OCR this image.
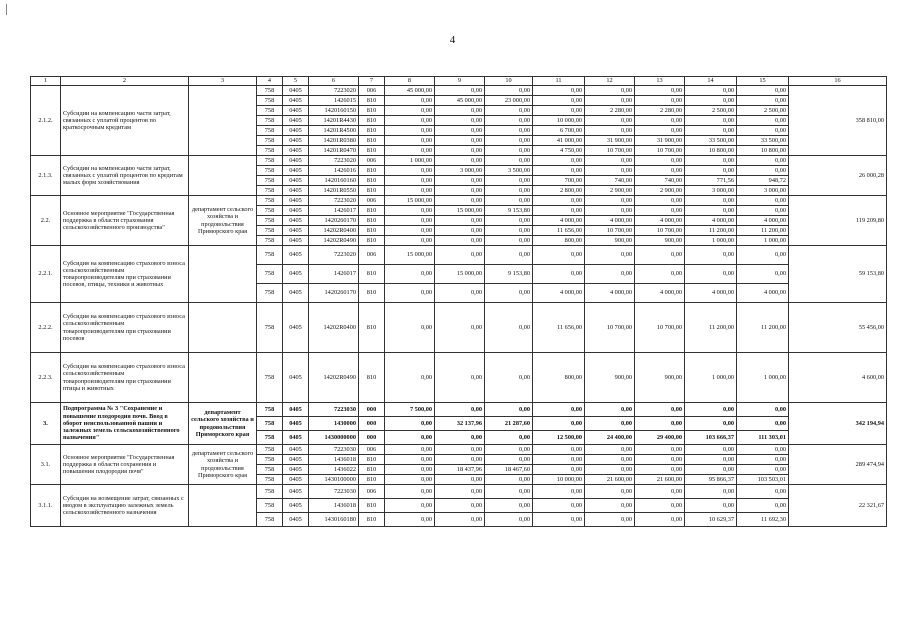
4
1	2	3	4	5	6	7	8	9	10	11	12	13	14	15	16
2.1.2.	Субсидии на компенсацию части затрат, связанных с уплатой процентов по краткосрочным кредитам		758	0405	7223020	006	45 000,00	0,00	0,00	0,00	0,00	0,00	0,00	0,00	358 810,00
			758	0405	1426015	810	0,00	45 000,00	23 000,00	0,00	0,00	0,00	0,00	0,00	
			758	0405	1420160150	810	0,00	0,00	0,00	0,00	2 280,00	2 280,00	2 500,00	2 500,00	
			758	0405	14201R4430	810	0,00	0,00	0,00	10 000,00	0,00	0,00	0,00	0,00	
			758	0405	14201R4500	810	0,00	0,00	0,00	6 700,00	0,00	0,00	0,00	0,00	
			758	0405	14201R0380	810	0,00	0,00	0,00	41 000,00	31 900,00	31 900,00	33 500,00	33 500,00	
			758	0405	14201R0470	810	0,00	0,00	0,00	4 750,00	10 700,00	10 700,00	10 800,00	10 800,00	
2.1.3.	Субсидии на компенсацию части затрат, связанных с уплатой процентов по кредитам малых форм хозяйствования		758	0405	7223020	006	1 000,00	0,00	0,00	0,00	0,00	0,00	0,00	0,00	26 000,28
			758	0405	1426016	810	0,00	3 000,00	3 500,00	0,00	0,00	0,00	0,00	0,00	
			758	0405	1420160160	810	0,00	0,00	0,00	700,00	740,00	740,00	771,56	948,72	
			758	0405	14201R0550	810	0,00	0,00	0,00	2 800,00	2 900,00	2 900,00	3 000,00	3 000,00	
2.2.	Основное мероприятие "Государственная поддержка в области страхования сельскохозяйственного производства"	департамент сельского хозяйства и продовольствия Приморского края	758	0405	7223020	006	15 000,00	0,00	0,00	0,00	0,00	0,00	0,00	0,00	119 209,80
			758	0405	1426017	810	0,00	15 000,00	9 153,80	0,00	0,00	0,00	0,00	0,00	
			758	0405	1420260170	810	0,00	0,00	0,00	4 000,00	4 000,00	4 000,00	4 000,00	4 000,00	
			758	0405	14202R0400	810	0,00	0,00	0,00	11 656,00	10 700,00	10 700,00	11 200,00	11 200,00	
			758	0405	14202R0490	810	0,00	0,00	0,00	800,00	900,00	900,00	1 000,00	1 000,00	
2.2.1.	Субсидия на компенсацию страхового взноса сельскохозяйственным товаропроизводителям при страховании посевов, птицы, техники и животных		758	0405	7223020	006	15 000,00	0,00	0,00	0,00	0,00	0,00	0,00	0,00	59 153,80
			758	0405	1426017	810	0,00	15 000,00	9 153,80	0,00	0,00	0,00	0,00	0,00	
			758	0405	1420260170	810	0,00	0,00	0,00	4 000,00	4 000,00	4 000,00	4 000,00	4 000,00	
2.2.2.	Субсидия на компенсацию страхового взноса сельскохозяйственным товаропроизводителям при страховании посевов		758	0405	14202R0400	810	0,00	0,00	0,00	11 656,00	10 700,00	10 700,00	11 200,00	11 200,00	55 456,00
2.2.3.	Субсидия на компенсацию страхового взноса сельскохозяйственным товаропроизводителям при страховании птицы и животных		758	0405	14202R0490	810	0,00	0,00	0,00	800,00	900,00	900,00	1 000,00	1 000,00	4 600,00
3.	Подпрограмма № 3 "Сохранение и повышение плодородия почв. Ввод в оборот неиспользованной пашни и залежных земель сельскохозяйственного назначения"	департамент сельского хозяйства и продовольствия Приморского края	758	0405	7223030	000	7 500,00	0,00	0,00	0,00	0,00	0,00	0,00	0,00	342 194,94
			758	0405	1430000	000	0,00	32 137,96	21 287,60	0,00	0,00	0,00	0,00	0,00	
			758	0405	1430000000	000	0,00	0,00	0,00	12 500,00	24 400,00	29 400,00	103 666,37	111 303,01	
3.1.	Основное мероприятие "Государственная поддержка в области сохранения и повышения плодородия почв"	департамент сельского хозяйства и продовольствия Приморского края	758	0405	7223030	006	0,00	0,00	0,00	0,00	0,00	0,00	0,00	0,00	289 474,94
			758	0405	1436018	810	0,00	0,00	0,00	0,00	0,00	0,00	0,00	0,00	
			758	0405	1436022	810	0,00	18 437,96	18 467,60	0,00	0,00	0,00	0,00	0,00	
			758	0405	1430100000	810	0,00	0,00	0,00	10 000,00	21 600,00	21 600,00	95 866,37	103 503,01	
3.1.1.	Субсидия на возмещение затрат, связанных с вводом в эксплуатацию залежных земель сельскохозяйственного назначения		758	0405	7223030	006	0,00	0,00	0,00	0,00	0,00	0,00	0,00	0,00	22 321,67
			758	0405	1436018	810	0,00	0,00	0,00	0,00	0,00	0,00	0,00	0,00	
			758	0405	1430160180	810	0,00	0,00	0,00	0,00	0,00	0,00	10 629,37	11 692,30	
